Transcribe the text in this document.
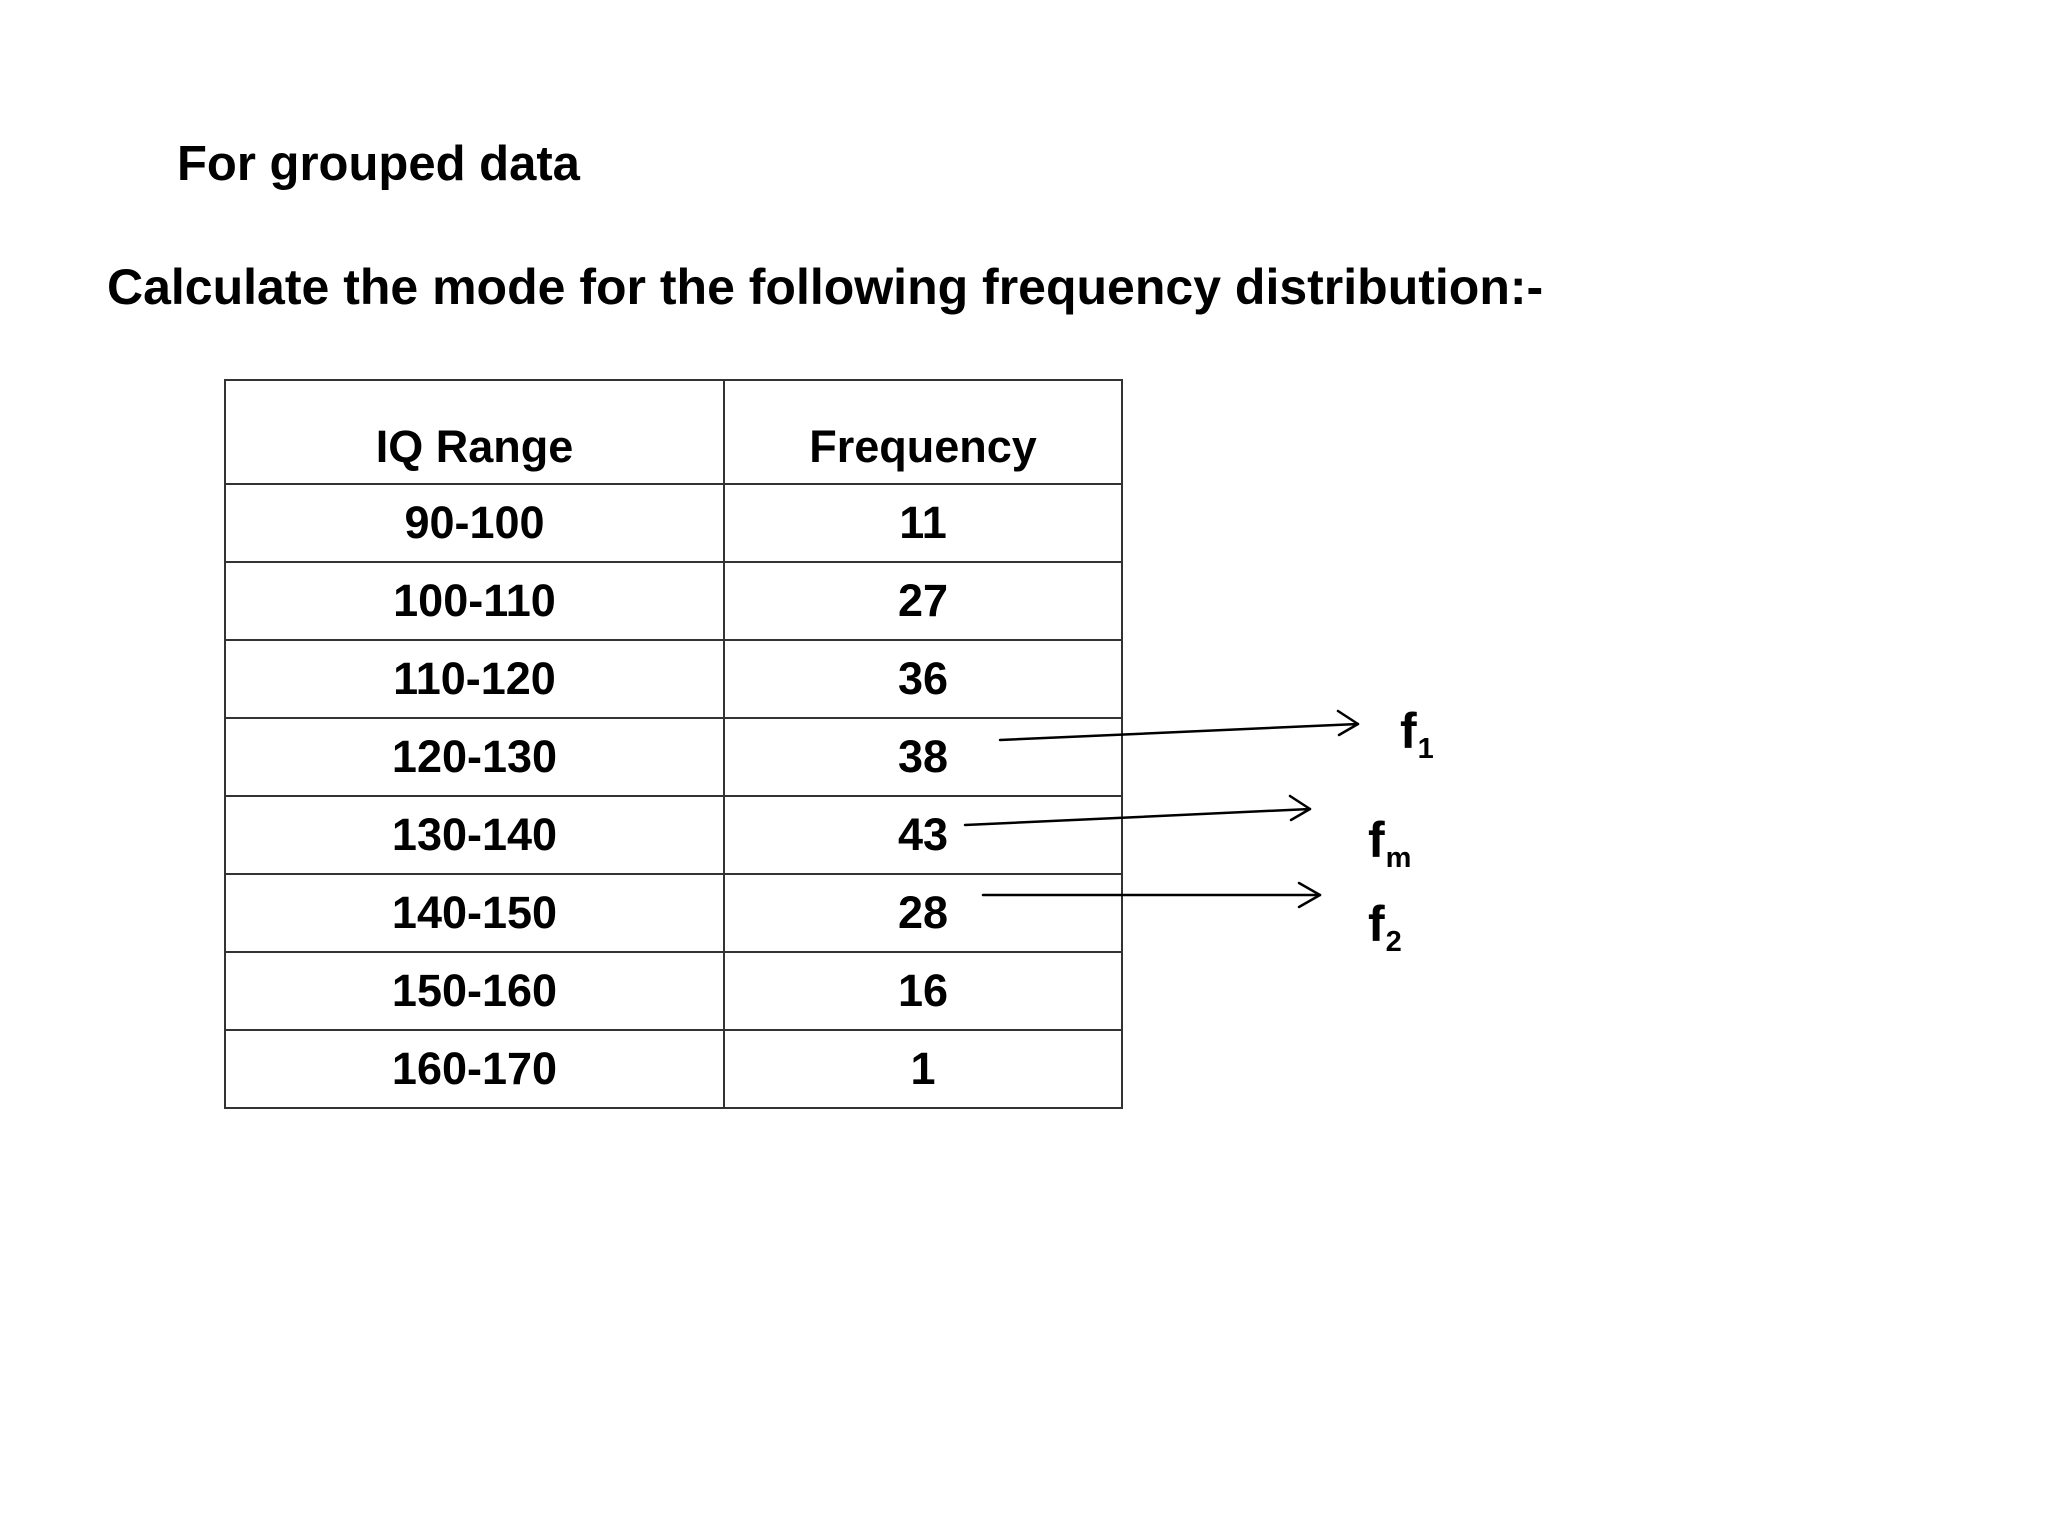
For grouped data
Calculate the mode for the following frequency distribution:-
IQ Range	Frequency
90-100	11
100-110	27
110-120	36
120-130	38
130-140	43
140-150	28
150-160	16
160-170	1
$f_1$
$f_m$
$f_2$
